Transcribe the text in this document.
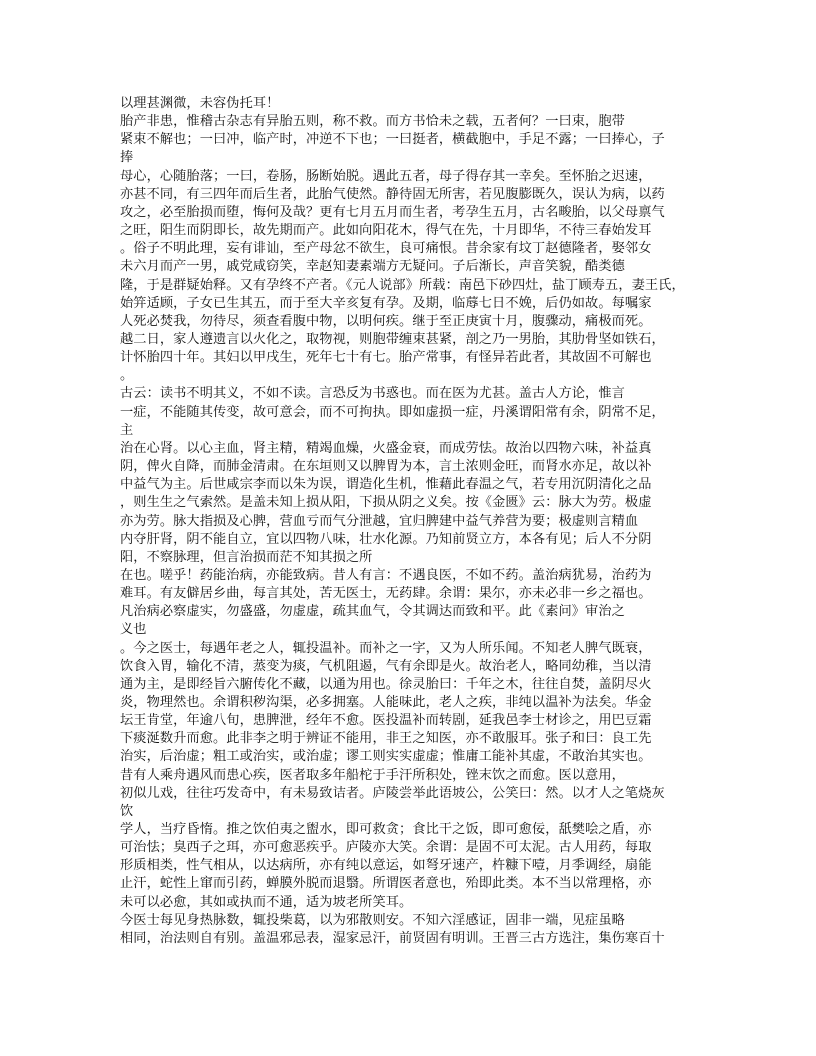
以理甚渊微，未容伪托耳！
胎产非患，惟稽古杂志有异胎五则，称不救。而方书恰未之载，五者何？一曰束，胞带
紧束不解也；一曰冲，临产时，冲逆不下也；一曰挺者，横截胞中，手足不露；一曰捧心，子
捧
母心，心随胎落；一曰，卷肠，肠断始脱。遇此五者，母子得存其一幸矣。至怀胎之迟速，
亦甚不同，有三四年而后生者，此胎气使然。静待固无所害，若见腹膨既久，误认为病，以药
攻之，必至胎损而堕，悔何及哉？更有七月五月而生者，考孕生五月，古名畯胎，以父母禀气
之旺，阳生而阴即长，故先期而产。此如向阳花木，得气在先，十月即华，不待三春始发耳
。俗子不明此理，妄有诽讪，至产母忿不欲生，良可痛恨。昔余家有坟丁赵德隆者，娶邻女
未六月而产一男，戚党咸窃笑，幸赵知妻素端方无疑问。子后渐长，声音笑貌，酷类德
隆，于是群疑始释。又有孕终不产者。《元人说部》所载：南邑下砂四灶，盐丁顾寿五，妻王氏，
始笄适顾，子女已生其五，而于至大辛亥复有孕。及期，临蓐七日不娩，后仍如故。每嘱家
人死必焚我，勿待尽，须查看腹中物，以明何疾。继于至正庚寅十月，腹骤动，痛极而死。
越二日，家人遵遗言以火化之，取物视，则胞带缠束甚紧，剖之乃一男胎，其肋骨坚如铁石，
计怀胎四十年。其妇以甲戌生，死年七十有七。胎产常事，有怪异若此者，其故固不可解也
。
古云：读书不明其义，不如不读。言恐反为书惑也。而在医为尤甚。盖古人方论，惟言
一症，不能随其传变，故可意会，而不可拘执。即如虚损一症，丹溪谓阳常有余，阴常不足，
主
治在心肾。以心主血，肾主精，精竭血燥，火盛金衰，而成劳怯。故治以四物六味，补益真
阴，俾火自降，而肺金清肃。在东垣则又以脾胃为本，言土浓则金旺，而肾水亦足，故以补
中益气为主。后世咸宗李而以朱为误，谓造化生机，惟藉此春温之气，若专用沉阴清化之品
，则生生之气索然。是盖未知上损从阳，下损从阴之义矣。按《金匮》云：脉大为劳。极虚
亦为劳。脉大指损及心脾，营血亏而气分泄越，宜归脾建中益气养营为要；极虚则言精血
内夺肝肾，阴不能自立，宜以四物八味，壮水化源。乃知前贤立方，本各有见；后人不分阴
阳，不察脉理，但言治损而茫不知其损之所
在也。嗟乎！药能治病，亦能致病。昔人有言：不遇良医，不如不药。盖治病犹易，治药为
难耳。有友僻居乡曲，每言其处，苦无医士，无药肆。余谓：果尔，亦未必非一乡之福也。
凡治病必察虚实，勿盛盛，勿虚虚，疏其血气，令其调达而致和平。此《素问》审治之
义也
。今之医士，每遇年老之人，辄投温补。而补之一字，又为人所乐闻。不知老人脾气既衰，
饮食入胃，输化不清，蒸变为痰，气机阻遏，气有余即是火。故治老人，略同幼稚，当以清
通为主，是即经旨六腑传化不藏，以通为用也。徐灵胎曰：千年之木，往往自焚，盖阴尽火
炎，物理然也。余谓积秽沟渠，必多拥塞。人能味此，老人之疾，非纯以温补为法矣。华金
坛王肯堂，年逾八旬，患脾泄，经年不愈。医投温补而转剧，延我邑李士材诊之，用巴豆霜
下痰涎数升而愈。此非李之明于辨证不能用，非王之知医，亦不敢服耳。张子和曰：良工先
治实，后治虚；粗工或治实，或治虚；谬工则实实虚虚；惟庸工能补其虚，不敢治其实也。
昔有人乘舟遇风而患心疾，医者取多年船柁于手汗所积处，锉末饮之而愈。医以意用，
初似儿戏，往往巧发奇中，有未易致诘者。庐陵尝举此语坡公，公笑曰：然。以才人之笔烧灰
饮
学人，当疗昏惰。推之饮伯夷之盥水，即可救贪；食比干之饭，即可愈佞，舐樊哙之盾，亦
可治怯；臭西子之珥，亦可愈恶疾乎。庐陵亦大笑。余谓：是固不可太泥。古人用药，每取
形质相类，性气相从，以达病所，亦有纯以意运，如弩牙速产，杵糠下噎，月季调经，扇能
止汗，蛇性上窜而引药，蝉膜外脱而退翳。所谓医者意也，殆即此类。本不当以常理格，亦
未可以必愈，其如或执而不通，适为坡老所笑耳。
今医士每见身热脉数，辄投柴葛，以为邪散则安。不知六淫感证，固非一端，见症虽略
相同，治法则自有别。盖温邪忌表，湿家忌汗，前贤固有明训。王晋三古方选注，集伤寒百十
